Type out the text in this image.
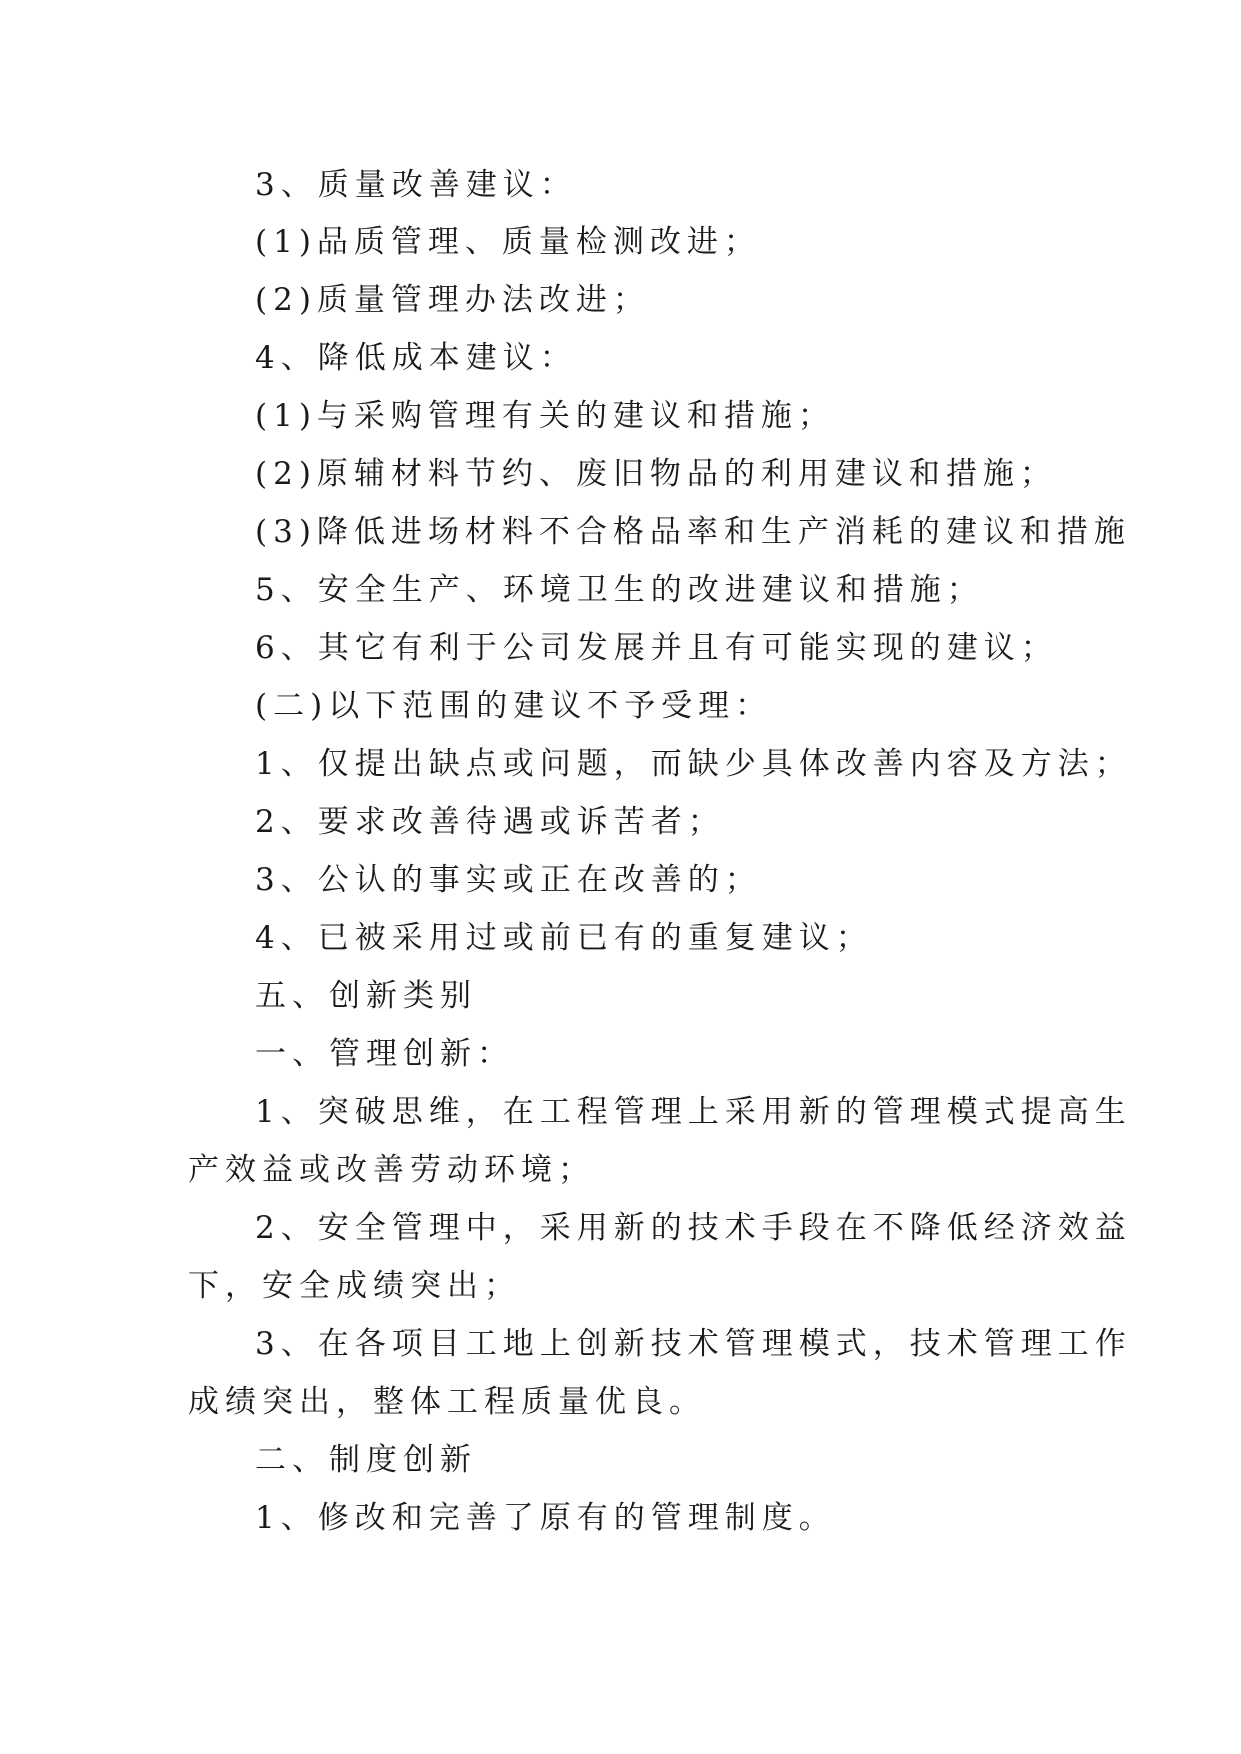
3、质量改善建议：
(1)品质管理、质量检测改进；
(2)质量管理办法改进；
4、降低成本建议：
(1)与采购管理有关的建议和措施；
(2)原辅材料节约、废旧物品的利用建议和措施；
(3)降低进场材料不合格品率和生产消耗的建议和措施
5、安全生产、环境卫生的改进建议和措施；
6、其它有利于公司发展并且有可能实现的建议；
(二)以下范围的建议不予受理：
1、仅提出缺点或问题，而缺少具体改善内容及方法；
2、要求改善待遇或诉苦者；
3、公认的事实或正在改善的；
4、已被采用过或前已有的重复建议；
五、创新类别
一、管理创新：
1、突破思维，在工程管理上采用新的管理模式提高生
产效益或改善劳动环境；
2、安全管理中，采用新的技术手段在不降低经济效益
下，安全成绩突出；
3、在各项目工地上创新技术管理模式，技术管理工作
成绩突出，整体工程质量优良。
二、制度创新
1、修改和完善了原有的管理制度。
